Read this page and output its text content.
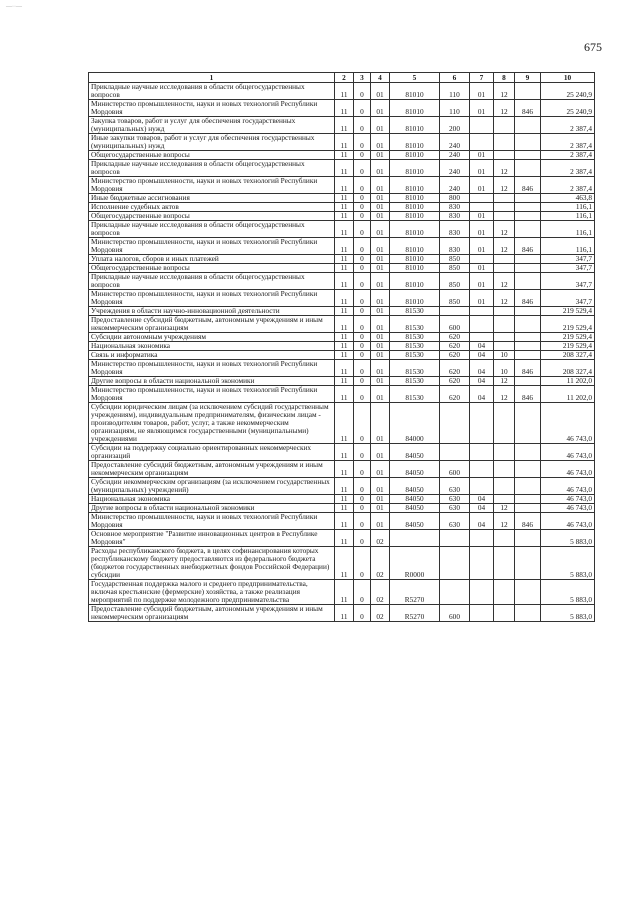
—··—
675
1	2	3	4	5	6	7	8	9	10
Прикладные научные исследования в области общегосударственных вопросов	11	0	01	81010	110	01	12		25 240,9
Министерство промышленности, науки и новых технологий Республики Мордовия	11	0	01	81010	110	01	12	846	25 240,9
Закупка товаров, работ и услуг для обеспечения государственных (муниципальных) нужд	11	0	01	81010	200				2 387,4
Иные закупки товаров, работ и услуг для обеспечения государственных (муниципальных) нужд	11	0	01	81010	240				2 387,4
Общегосударственные вопросы	11	0	01	81010	240	01			2 387,4
Прикладные научные исследования в области общегосударственных вопросов	11	0	01	81010	240	01	12		2 387,4
Министерство промышленности, науки и новых технологий Республики Мордовия	11	0	01	81010	240	01	12	846	2 387,4
Иные бюджетные ассигнования	11	0	01	81010	800				463,8
Исполнение судебных актов	11	0	01	81010	830				116,1
Общегосударственные вопросы	11	0	01	81010	830	01			116,1
Прикладные научные исследования в области общегосударственных вопросов	11	0	01	81010	830	01	12		116,1
Министерство промышленности, науки и новых технологий Республики Мордовия	11	0	01	81010	830	01	12	846	116,1
Уплата налогов, сборов и иных платежей	11	0	01	81010	850				347,7
Общегосударственные вопросы	11	0	01	81010	850	01			347,7
Прикладные научные исследования в области общегосударственных вопросов	11	0	01	81010	850	01	12		347,7
Министерство промышленности, науки и новых технологий Республики Мордовия	11	0	01	81010	850	01	12	846	347,7
Учреждения в области научно-инновационной деятельности	11	0	01	81530					219 529,4
Предоставление субсидий бюджетным, автономным учреждениям и иным некоммерческим организациям	11	0	01	81530	600				219 529,4
Субсидии автономным учреждениям	11	0	01	81530	620				219 529,4
Национальная экономика	11	0	01	81530	620	04			219 529,4
Связь и информатика	11	0	01	81530	620	04	10		208 327,4
Министерство промышленности, науки и новых технологий Республики Мордовия	11	0	01	81530	620	04	10	846	208 327,4
Другие вопросы в области национальной экономики	11	0	01	81530	620	04	12		11 202,0
Министерство промышленности, науки и новых технологий Республики Мордовия	11	0	01	81530	620	04	12	846	11 202,0
Субсидии юридическим лицам (за исключением субсидий государственным учреждениям), индивидуальным предпринимателям, физическим лицам - производителям товаров, работ, услуг, а также некоммерческим организациям, не являющимся государственными (муниципальными) учреждениями	11	0	01	84000					46 743,0
Субсидии на поддержку социально ориентированных некоммерческих организаций	11	0	01	84050					46 743,0
Предоставление субсидий бюджетным, автономным учреждениям и иным некоммерческим организациям	11	0	01	84050	600				46 743,0
Субсидии некоммерческим организациям (за исключением государственных (муниципальных) учреждений)	11	0	01	84050	630				46 743,0
Национальная экономика	11	0	01	84050	630	04			46 743,0
Другие вопросы в области национальной экономики	11	0	01	84050	630	04	12		46 743,0
Министерство промышленности, науки и новых технологий Республики Мордовия	11	0	01	84050	630	04	12	846	46 743,0
Основное мероприятие "Развитие инновационных центров в Республике Мордовия"	11	0	02						5 883,0
Расходы республиканского бюджета, в целях софинансирования которых республиканскому бюджету предоставляются из федерального бюджета (бюджетов государственных внебюджетных фондов Российской Федерации) субсидии	11	0	02	R0000					5 883,0
Государственная поддержка малого и среднего предпринимательства, включая крестьянские (фермерские) хозяйства, а также реализация мероприятий по поддержке молодежного предпринимательства	11	0	02	R5270					5 883,0
Предоставление субсидий бюджетным, автономным учреждениям и иным некоммерческим организациям	11	0	02	R5270	600				5 883,0
